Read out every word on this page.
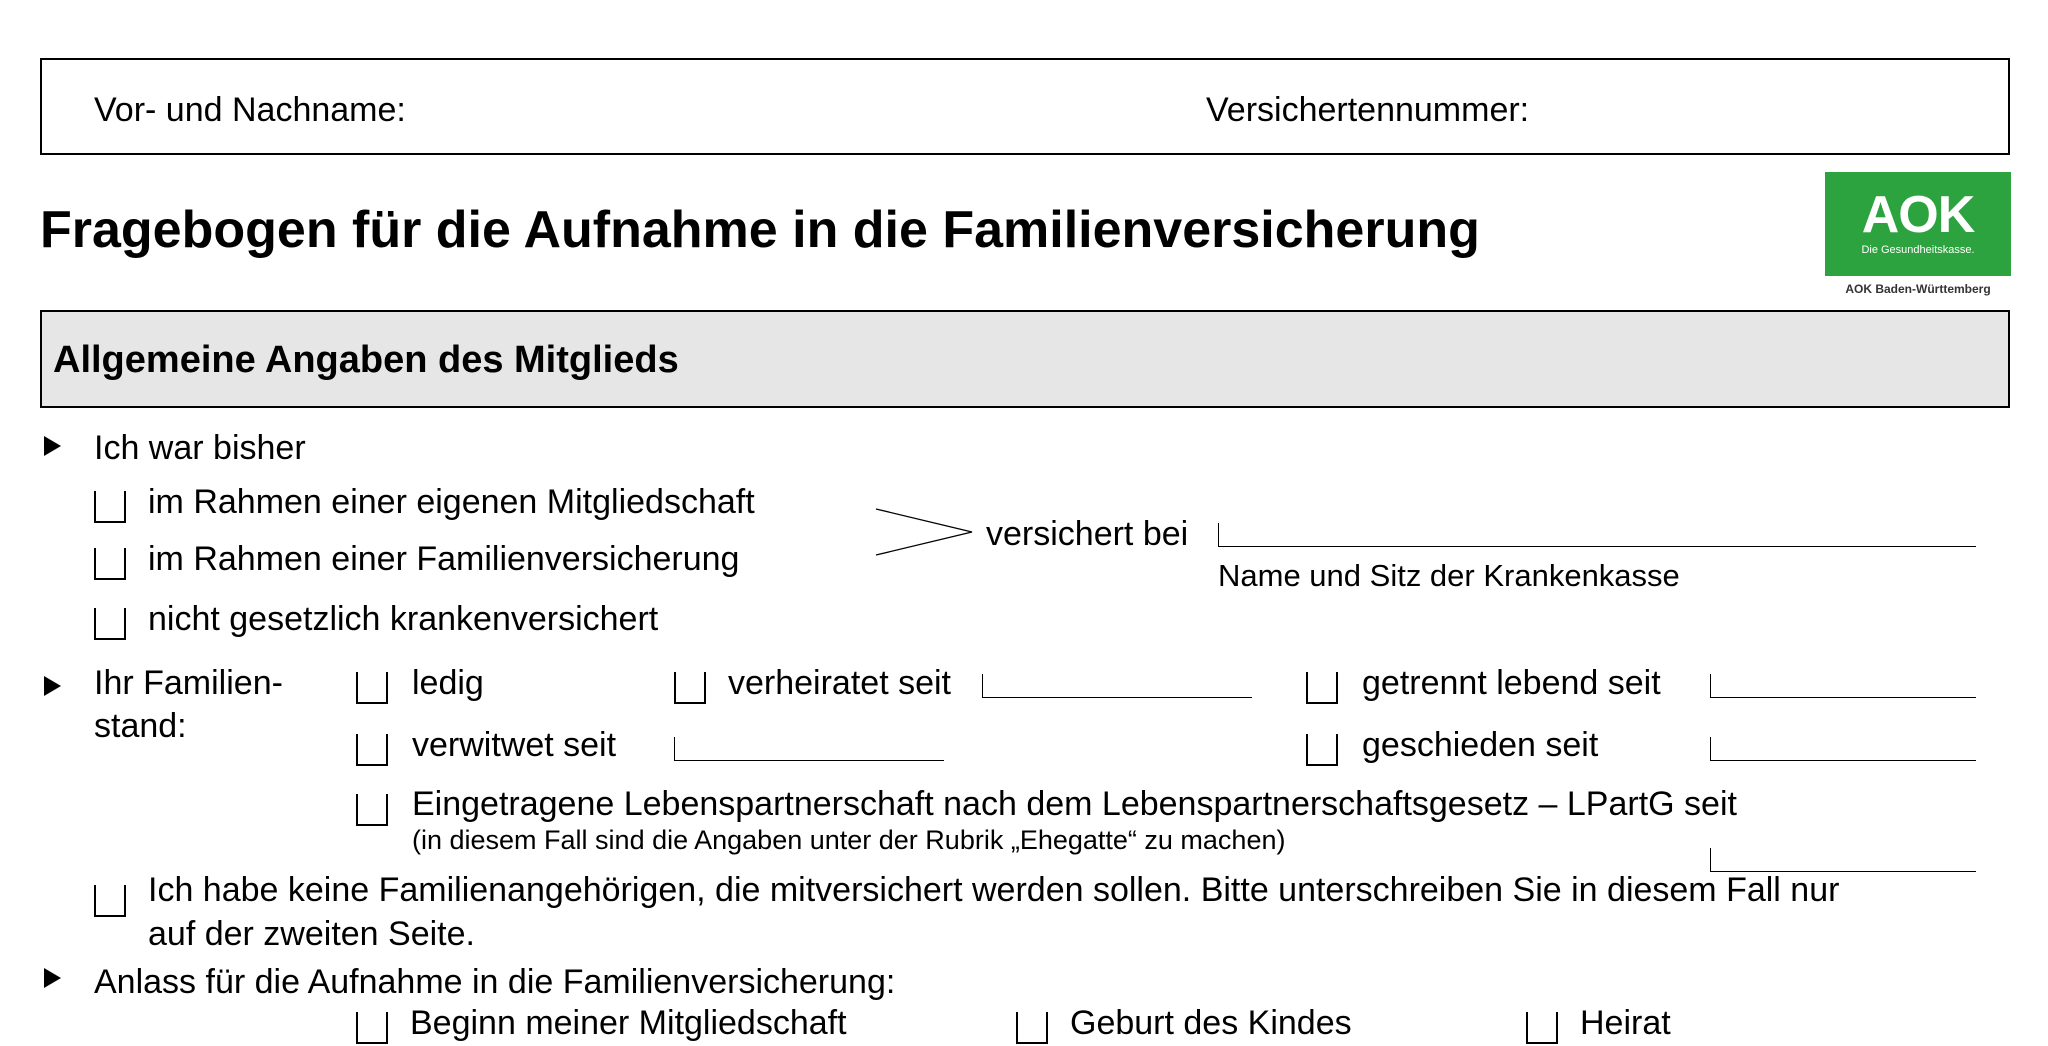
Vor- und Nachname:	Versichertennummer:
Fragebogen für die Aufnahme in die Familienversicherung	AOK
Die Gesundheitskasse.
AOK Baden-Württemberg
Allgemeine Angaben des Mitglieds
Ich war bisher
im Rahmen einer eigenen Mitgliedschaft
im Rahmen einer Familienversicherung
nicht gesetzlich krankenversichert
versichert bei
Name und Sitz der Krankenkasse
Ihr Familien-
stand:
ledig	verheiratet seit	getrennt lebend seit
verwitwet seit	geschieden seit
Eingetragene Lebenspartnerschaft nach dem Lebenspartnerschaftsgesetz – LPartG seit
(in diesem Fall sind die Angaben unter der Rubrik „Ehegatte“ zu machen)
Ich habe keine Familienangehörigen, die mitversichert werden sollen. Bitte unterschreiben Sie in diesem Fall nur
auf der zweiten Seite.
Anlass für die Aufnahme in die Familienversicherung:
Beginn meiner Mitgliedschaft	Geburt des Kindes	Heirat
